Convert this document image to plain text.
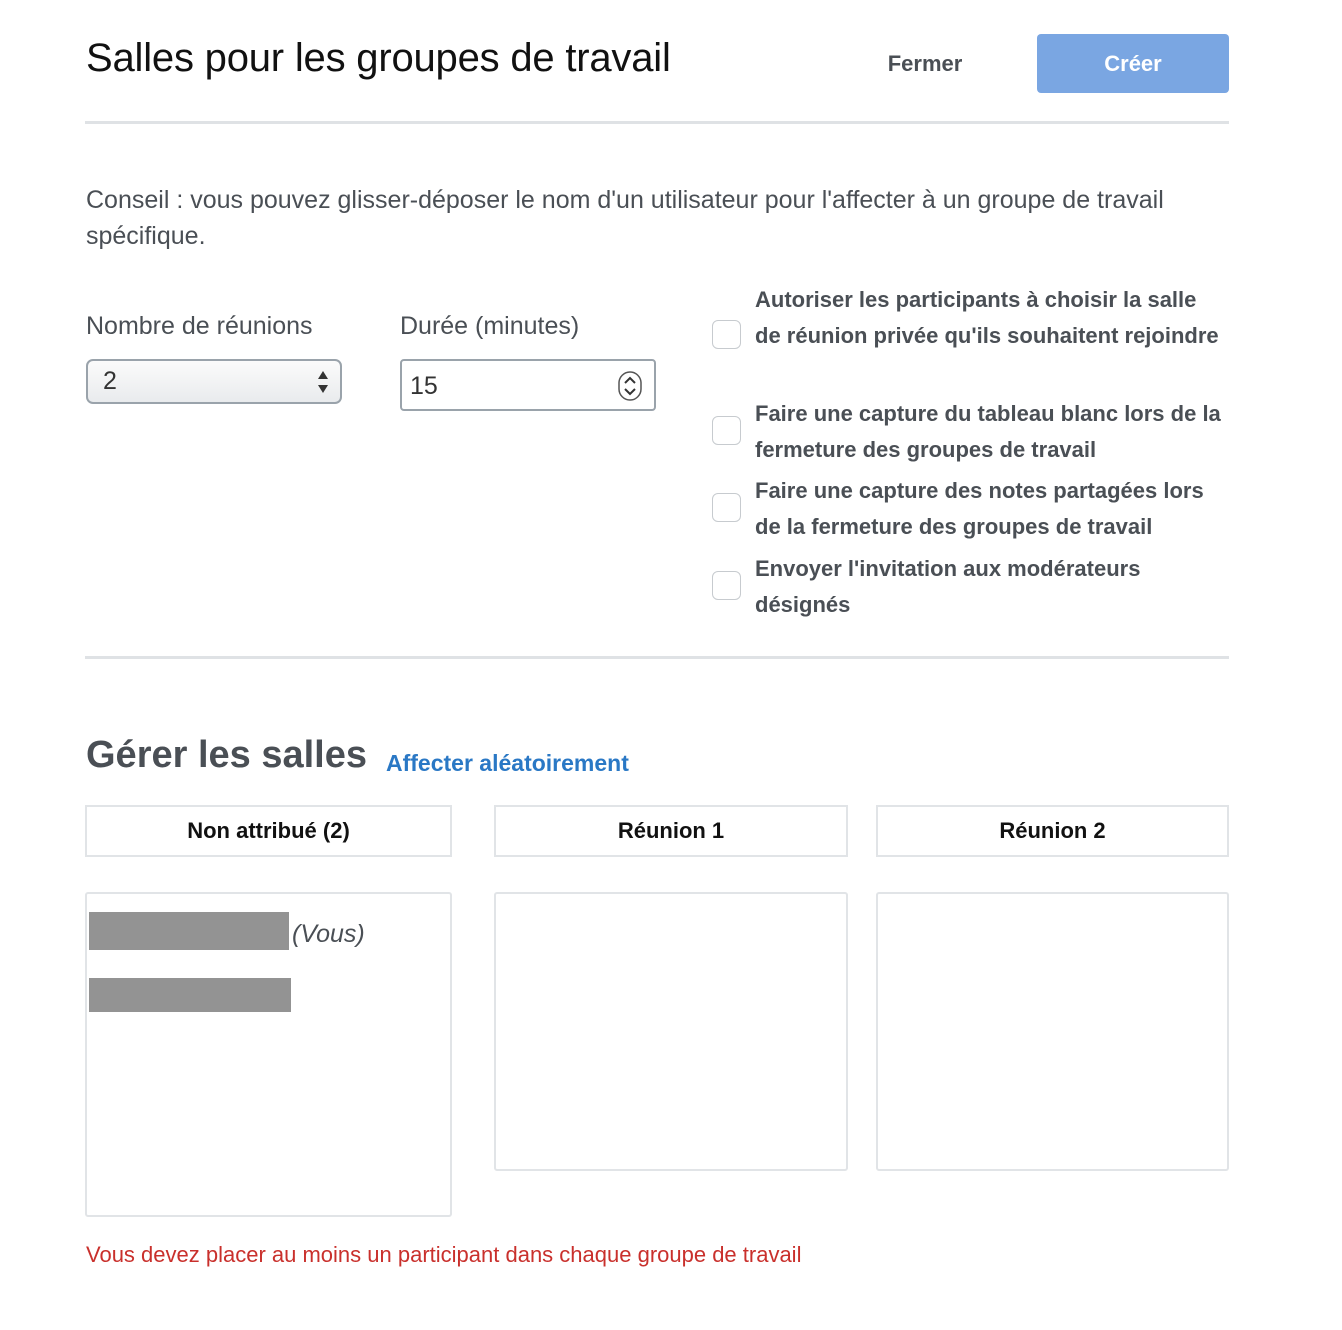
Salles pour les groupes de travail	Fermer	Créer

Conseil : vous pouvez glisser-déposer le nom d'un utilisateur pour l'affecter à un groupe de travail spécifique.

Nombre de réunions
2
Durée (minutes)
15
Autoriser les participants à choisir la salle de réunion privée qu'ils souhaitent rejoindre
Faire une capture du tableau blanc lors de la fermeture des groupes de travail
Faire une capture des notes partagées lors de la fermeture des groupes de travail
Envoyer l'invitation aux modérateurs désignés
Gérer les salles Affecter aléatoirement
Non attribué (2)	Réunion 1	Réunion 2
(Vous)

Vous devez placer au moins un participant dans chaque groupe de travail
